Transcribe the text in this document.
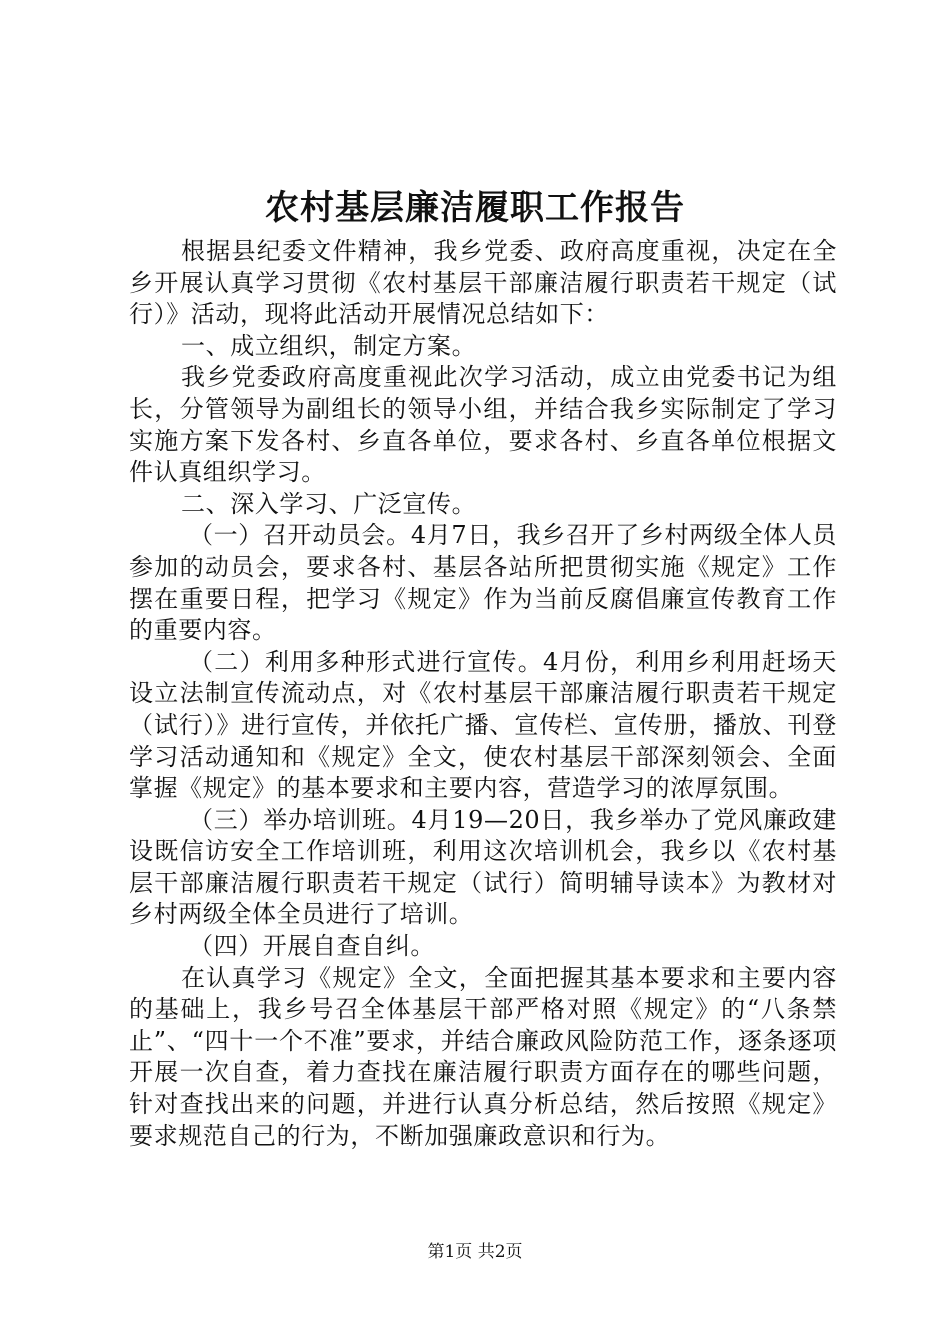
农村基层廉洁履职工作报告

根据县纪委文件精神，我乡党委、政府高度重视，决定在全乡开展认真学习贯彻《农村基层干部廉洁履行职责若干规定（试行）》活动，现将此活动开展情况总结如下：

一、成立组织，制定方案。

我乡党委政府高度重视此次学习活动，成立由党委书记为组长，分管领导为副组长的领导小组，并结合我乡实际制定了学习实施方案下发各村、乡直各单位，要求各村、乡直各单位根据文件认真组织学习。

二、深入学习、广泛宣传。

（一）召开动员会。4月7日，我乡召开了乡村两级全体人员参加的动员会，要求各村、基层各站所把贯彻实施《规定》工作摆在重要日程，把学习《规定》作为当前反腐倡廉宣传教育工作的重要内容。

（二）利用多种形式进行宣传。4月份，利用乡利用赶场天设立法制宣传流动点，对《农村基层干部廉洁履行职责若干规定（试行）》进行宣传，并依托广播、宣传栏、宣传册，播放、刊登学习活动通知和《规定》全文，使农村基层干部深刻领会、全面掌握《规定》的基本要求和主要内容，营造学习的浓厚氛围。

（三）举办培训班。4月19—20日，我乡举办了党风廉政建设既信访安全工作培训班，利用这次培训机会，我乡以《农村基层干部廉洁履行职责若干规定（试行）简明辅导读本》为教材对乡村两级全体全员进行了培训。

（四）开展自查自纠。

在认真学习《规定》全文，全面把握其基本要求和主要内容的基础上，我乡号召全体基层干部严格对照《规定》的“八条禁止”、“四十一个不准”要求，并结合廉政风险防范工作，逐条逐项开展一次自查，着力查找在廉洁履行职责方面存在的哪些问题，针对查找出来的问题，并进行认真分析总结，然后按照《规定》要求规范自己的行为，不断加强廉政意识和行为。

第1页 共2页
